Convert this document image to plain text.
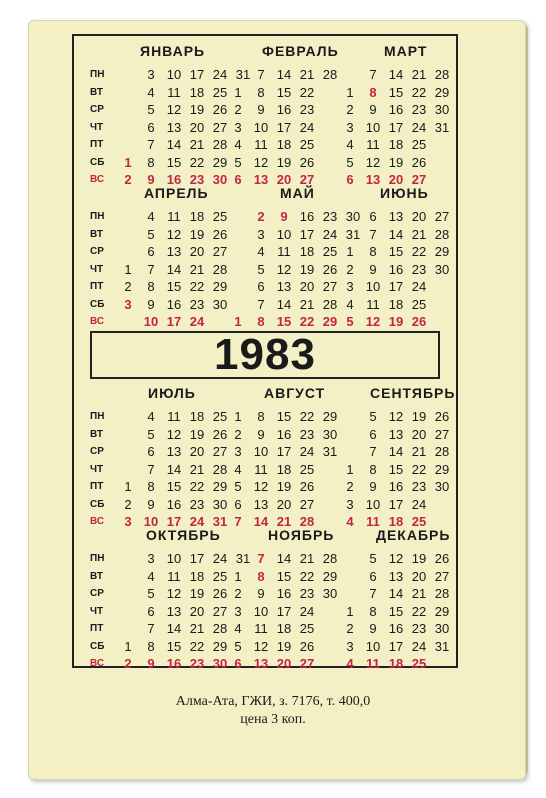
1983
ЯНВАРЬ
ПН
ВТ
СР
ЧТ
ПТ
СБ
ВС
1
2
3
4
5
6
7
8
9
10
11
12
13
14
15
16
17
18
19
20
21
22
23
24
25
26
27
28
29
30
31
ФЕВРАЛЬ
1
2
3
4
5
6
7
8
9
10
11
12
13
14
15
16
17
18
19
20
21
22
23
24
25
26
27
28
МАРТ
1
2
3
4
5
6
7
8
9
10
11
12
13
14
15
16
17
18
19
20
21
22
23
24
25
26
27
28
29
30
31
АПРЕЛЬ
ПН
ВТ
СР
ЧТ
ПТ
СБ
ВС
1
2
3
4
5
6
7
8
9
10
11
12
13
14
15
16
17
18
19
20
21
22
23
24
25
26
27
28
29
30
МАЙ
1
2
3
4
5
6
7
8
9
10
11
12
13
14
15
16
17
18
19
20
21
22
23
24
25
26
27
28
29
30
31
ИЮНЬ
1
2
3
4
5
6
7
8
9
10
11
12
13
14
15
16
17
18
19
20
21
22
23
24
25
26
27
28
29
30
ИЮЛЬ
ПН
ВТ
СР
ЧТ
ПТ
СБ
ВС
1
2
3
4
5
6
7
8
9
10
11
12
13
14
15
16
17
18
19
20
21
22
23
24
25
26
27
28
29
30
31
АВГУСТ
1
2
3
4
5
6
7
8
9
10
11
12
13
14
15
16
17
18
19
20
21
22
23
24
25
26
27
28
29
30
31
СЕНТЯБРЬ
1
2
3
4
5
6
7
8
9
10
11
12
13
14
15
16
17
18
19
20
21
22
23
24
25
26
27
28
29
30
ОКТЯБРЬ
ПН
ВТ
СР
ЧТ
ПТ
СБ
ВС
1
2
3
4
5
6
7
8
9
10
11
12
13
14
15
16
17
18
19
20
21
22
23
24
25
26
27
28
29
30
31
НОЯБРЬ
1
2
3
4
5
6
7
8
9
10
11
12
13
14
15
16
17
18
19
20
21
22
23
24
25
26
27
28
29
30
ДЕКАБРЬ
1
2
3
4
5
6
7
8
9
10
11
12
13
14
15
16
17
18
19
20
21
22
23
24
25
26
27
28
29
30
31
Алма-Ата, ГЖИ, з. 7176, т. 400,0
цена 3 коп.
